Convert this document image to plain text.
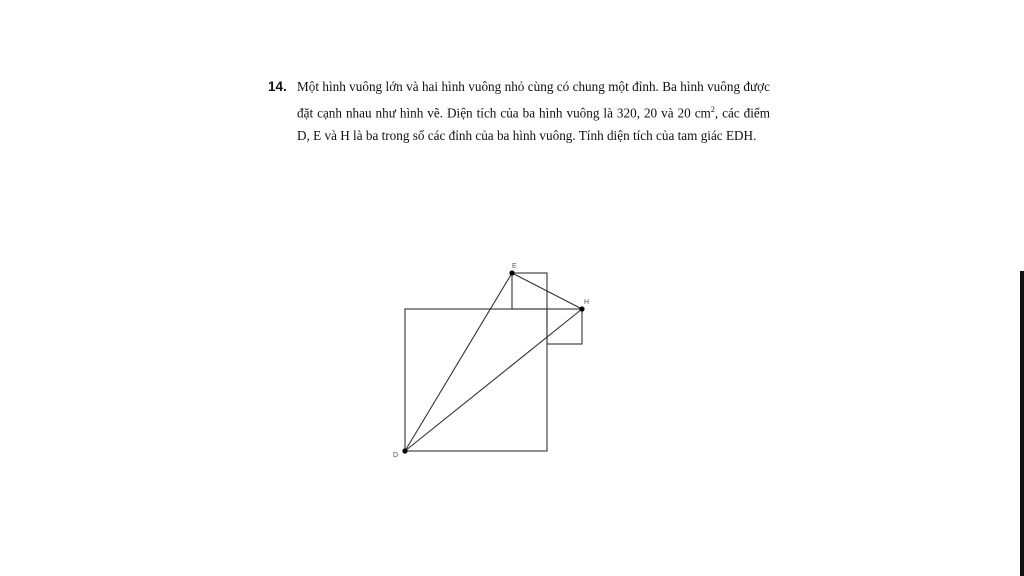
14. Một hình vuông lớn và hai hình vuông nhỏ cùng có chung một đỉnh. Ba hình vuông được đặt cạnh nhau như hình vẽ. Diện tích của ba hình vuông là 320, 20 và 20 $cm^2$, các điểm D, E và H là ba trong số các đỉnh của ba hình vuông. Tính diện tích của tam giác EDH.
E
H
D
